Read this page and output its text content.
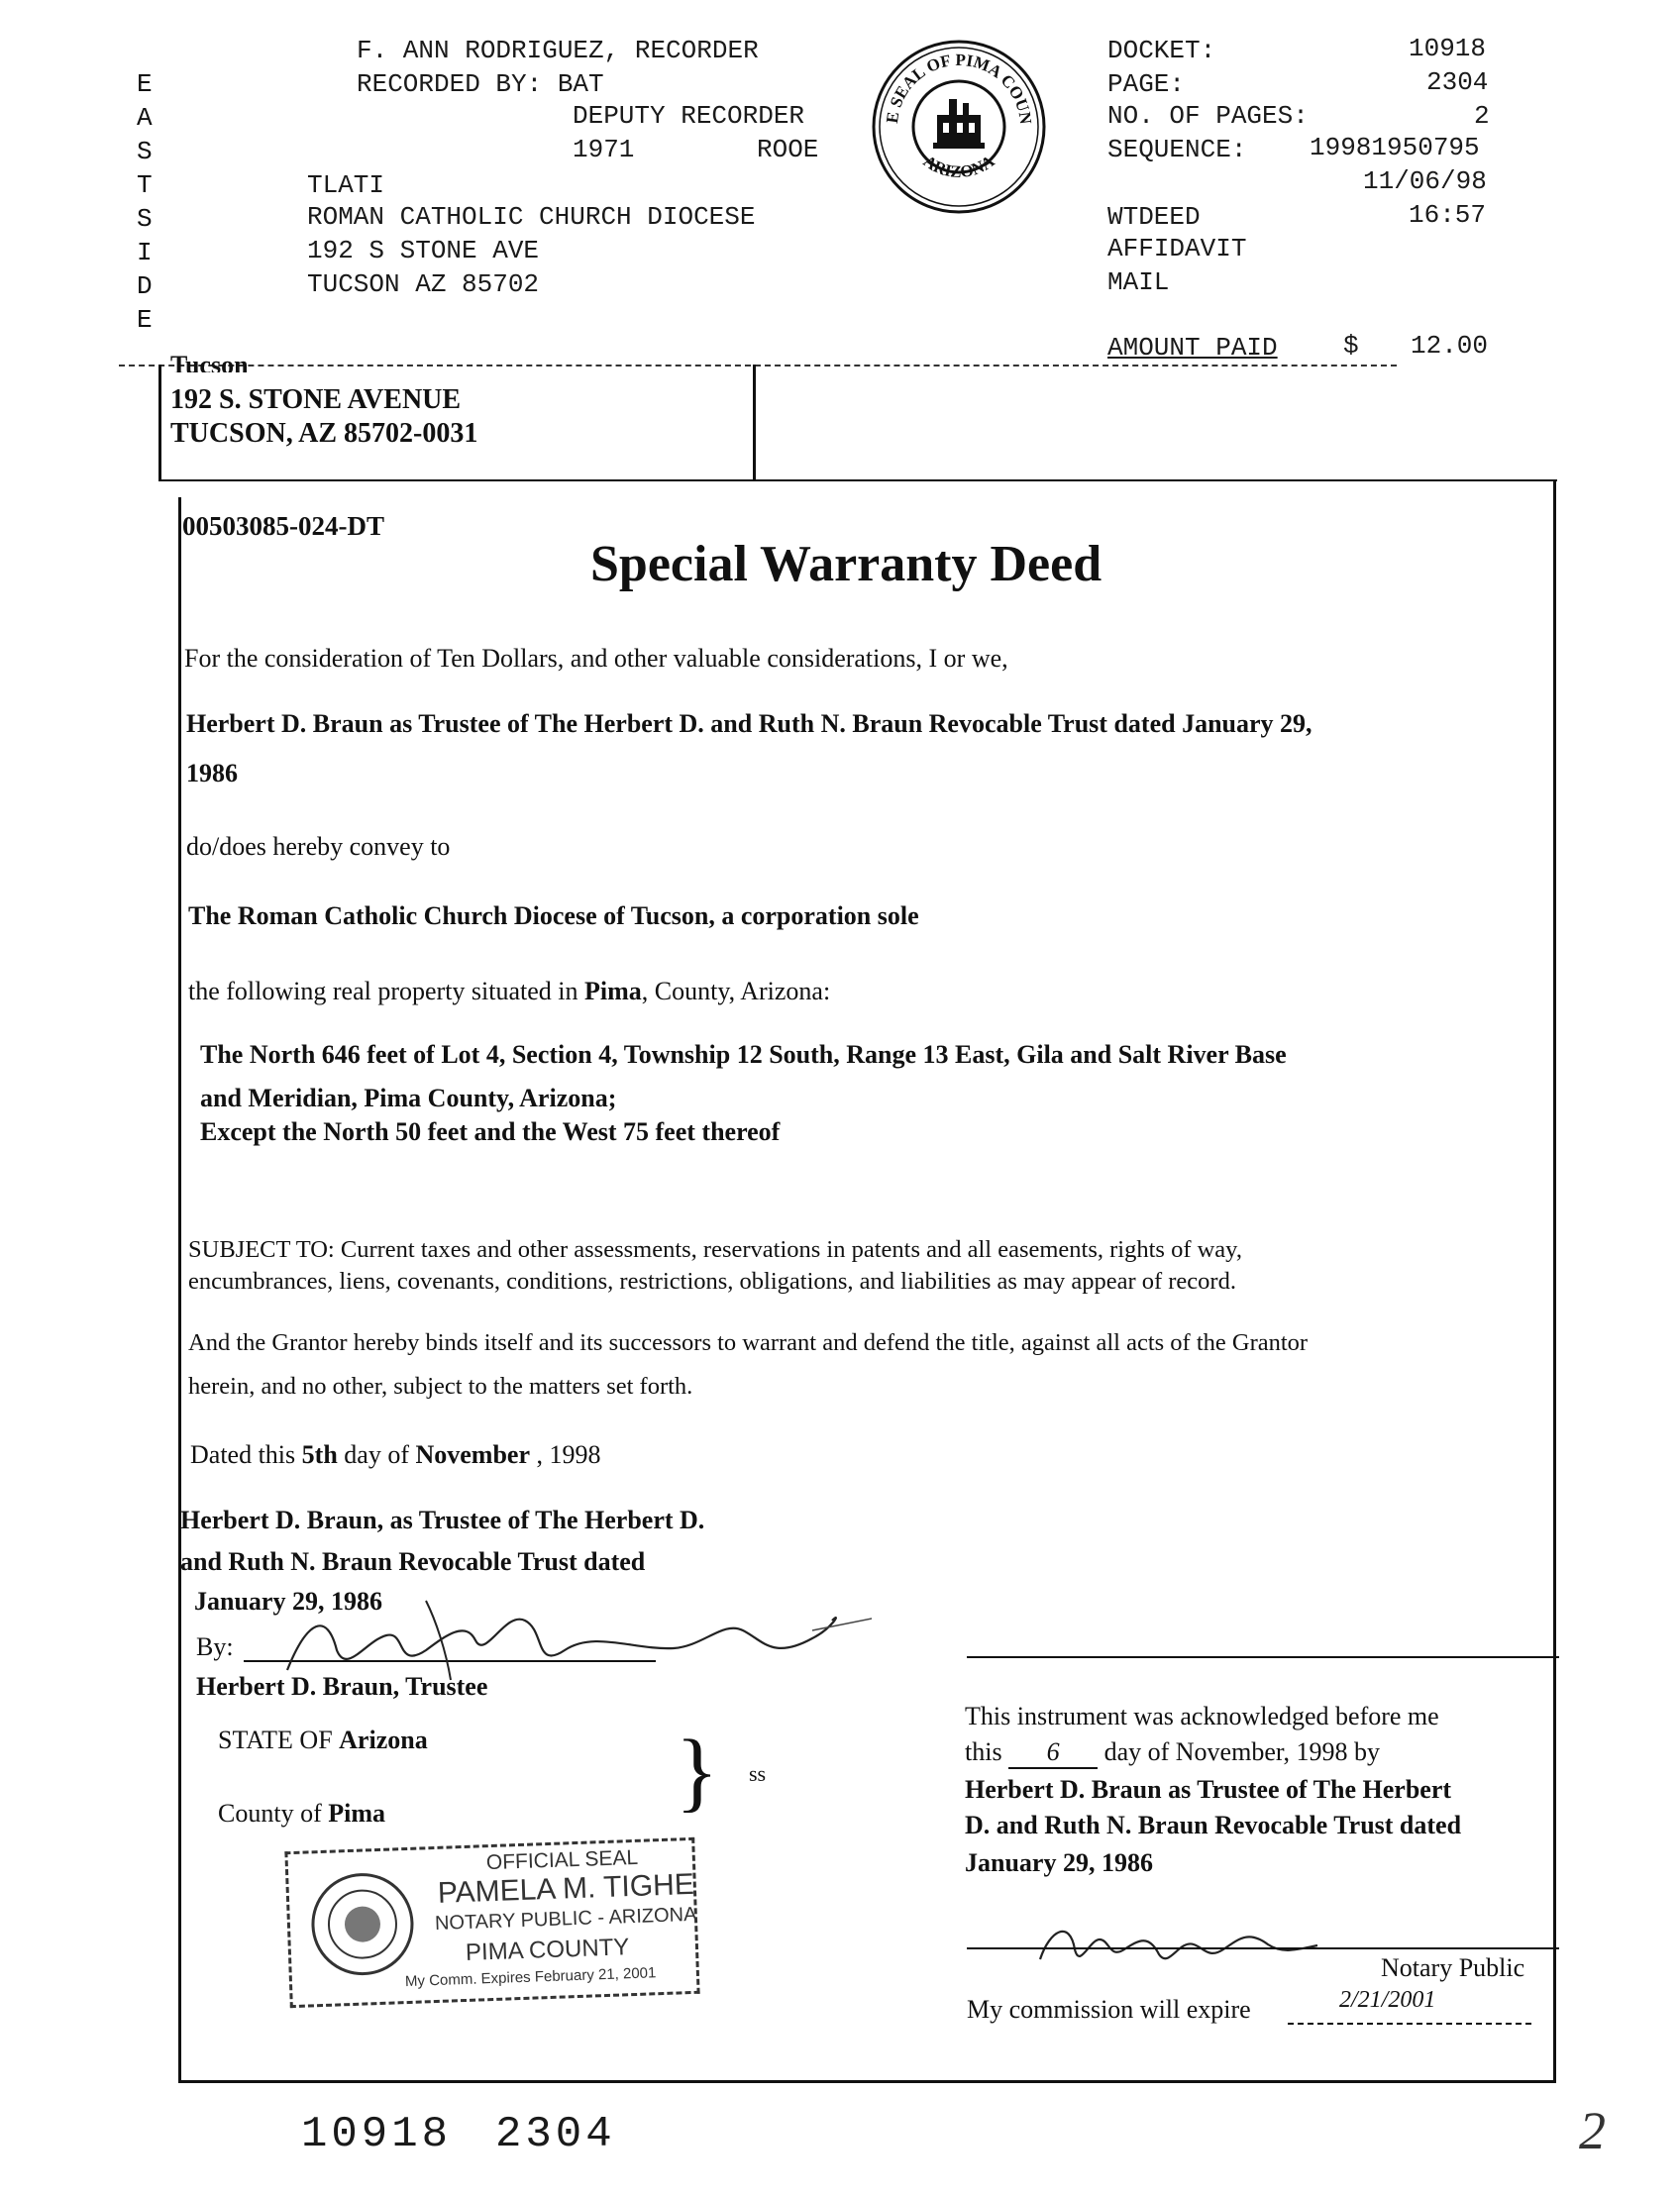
E
A
S
T
S
I
D
E
F. ANN RODRIGUEZ, RECORDER
RECORDED BY: BAT
DEPUTY RECORDER
1971	ROOE
TLATI
ROMAN CATHOLIC CHURCH DIOCESE
192 S STONE AVE
TUCSON AZ 85702
E SEAL OF PIMA COUN
ARIZONA
DOCKET:	10918
PAGE:	2304
NO. OF PAGES:	2
SEQUENCE: 19981950795
11/06/98
WTDEED	16:57
AFFIDAVIT
MAIL
AMOUNT PAID	$ 12.00
Tucson
192 S. STONE AVENUE
TUCSON, AZ 85702-0031
00503085-024-DT
Special Warranty Deed
For the consideration of Ten Dollars, and other valuable considerations, I or we,
Herbert D. Braun as Trustee of The Herbert D. and Ruth N. Braun Revocable Trust dated January 29,
1986
do/does hereby convey to
The Roman Catholic Church Diocese of Tucson, a corporation sole
the following real property situated in Pima, County, Arizona:
The North 646 feet of Lot 4, Section 4, Township 12 South, Range 13 East, Gila and Salt River Base
and Meridian, Pima County, Arizona;
Except the North 50 feet and the West 75 feet thereof
SUBJECT TO: Current taxes and other assessments, reservations in patents and all easements, rights of way,
encumbrances, liens, covenants, conditions, restrictions, obligations, and liabilities as may appear of record.
And the Grantor hereby binds itself and its successors to warrant and defend the title, against all acts of the Grantor
herein, and no other, subject to the matters set forth.
Dated this 5th day of November , 1998
Herbert D. Braun, as Trustee of The Herbert D.
and Ruth N. Braun Revocable Trust dated
January 29, 1986
By:
Herbert D. Braun, Trustee
STATE OF Arizona
County of Pima	} ss
OFFICIAL SEAL
PAMELA M. TIGHE
NOTARY PUBLIC - ARIZONA
PIMA COUNTY
My Comm. Expires February 21, 2001
This instrument was acknowledged before me
this 6 day of November, 1998 by
Herbert D. Braun as Trustee of The Herbert
D. and Ruth N. Braun Revocable Trust dated
January 29, 1986
Notary Public
My commission will expire	2/21/2001
10918 2304	2
